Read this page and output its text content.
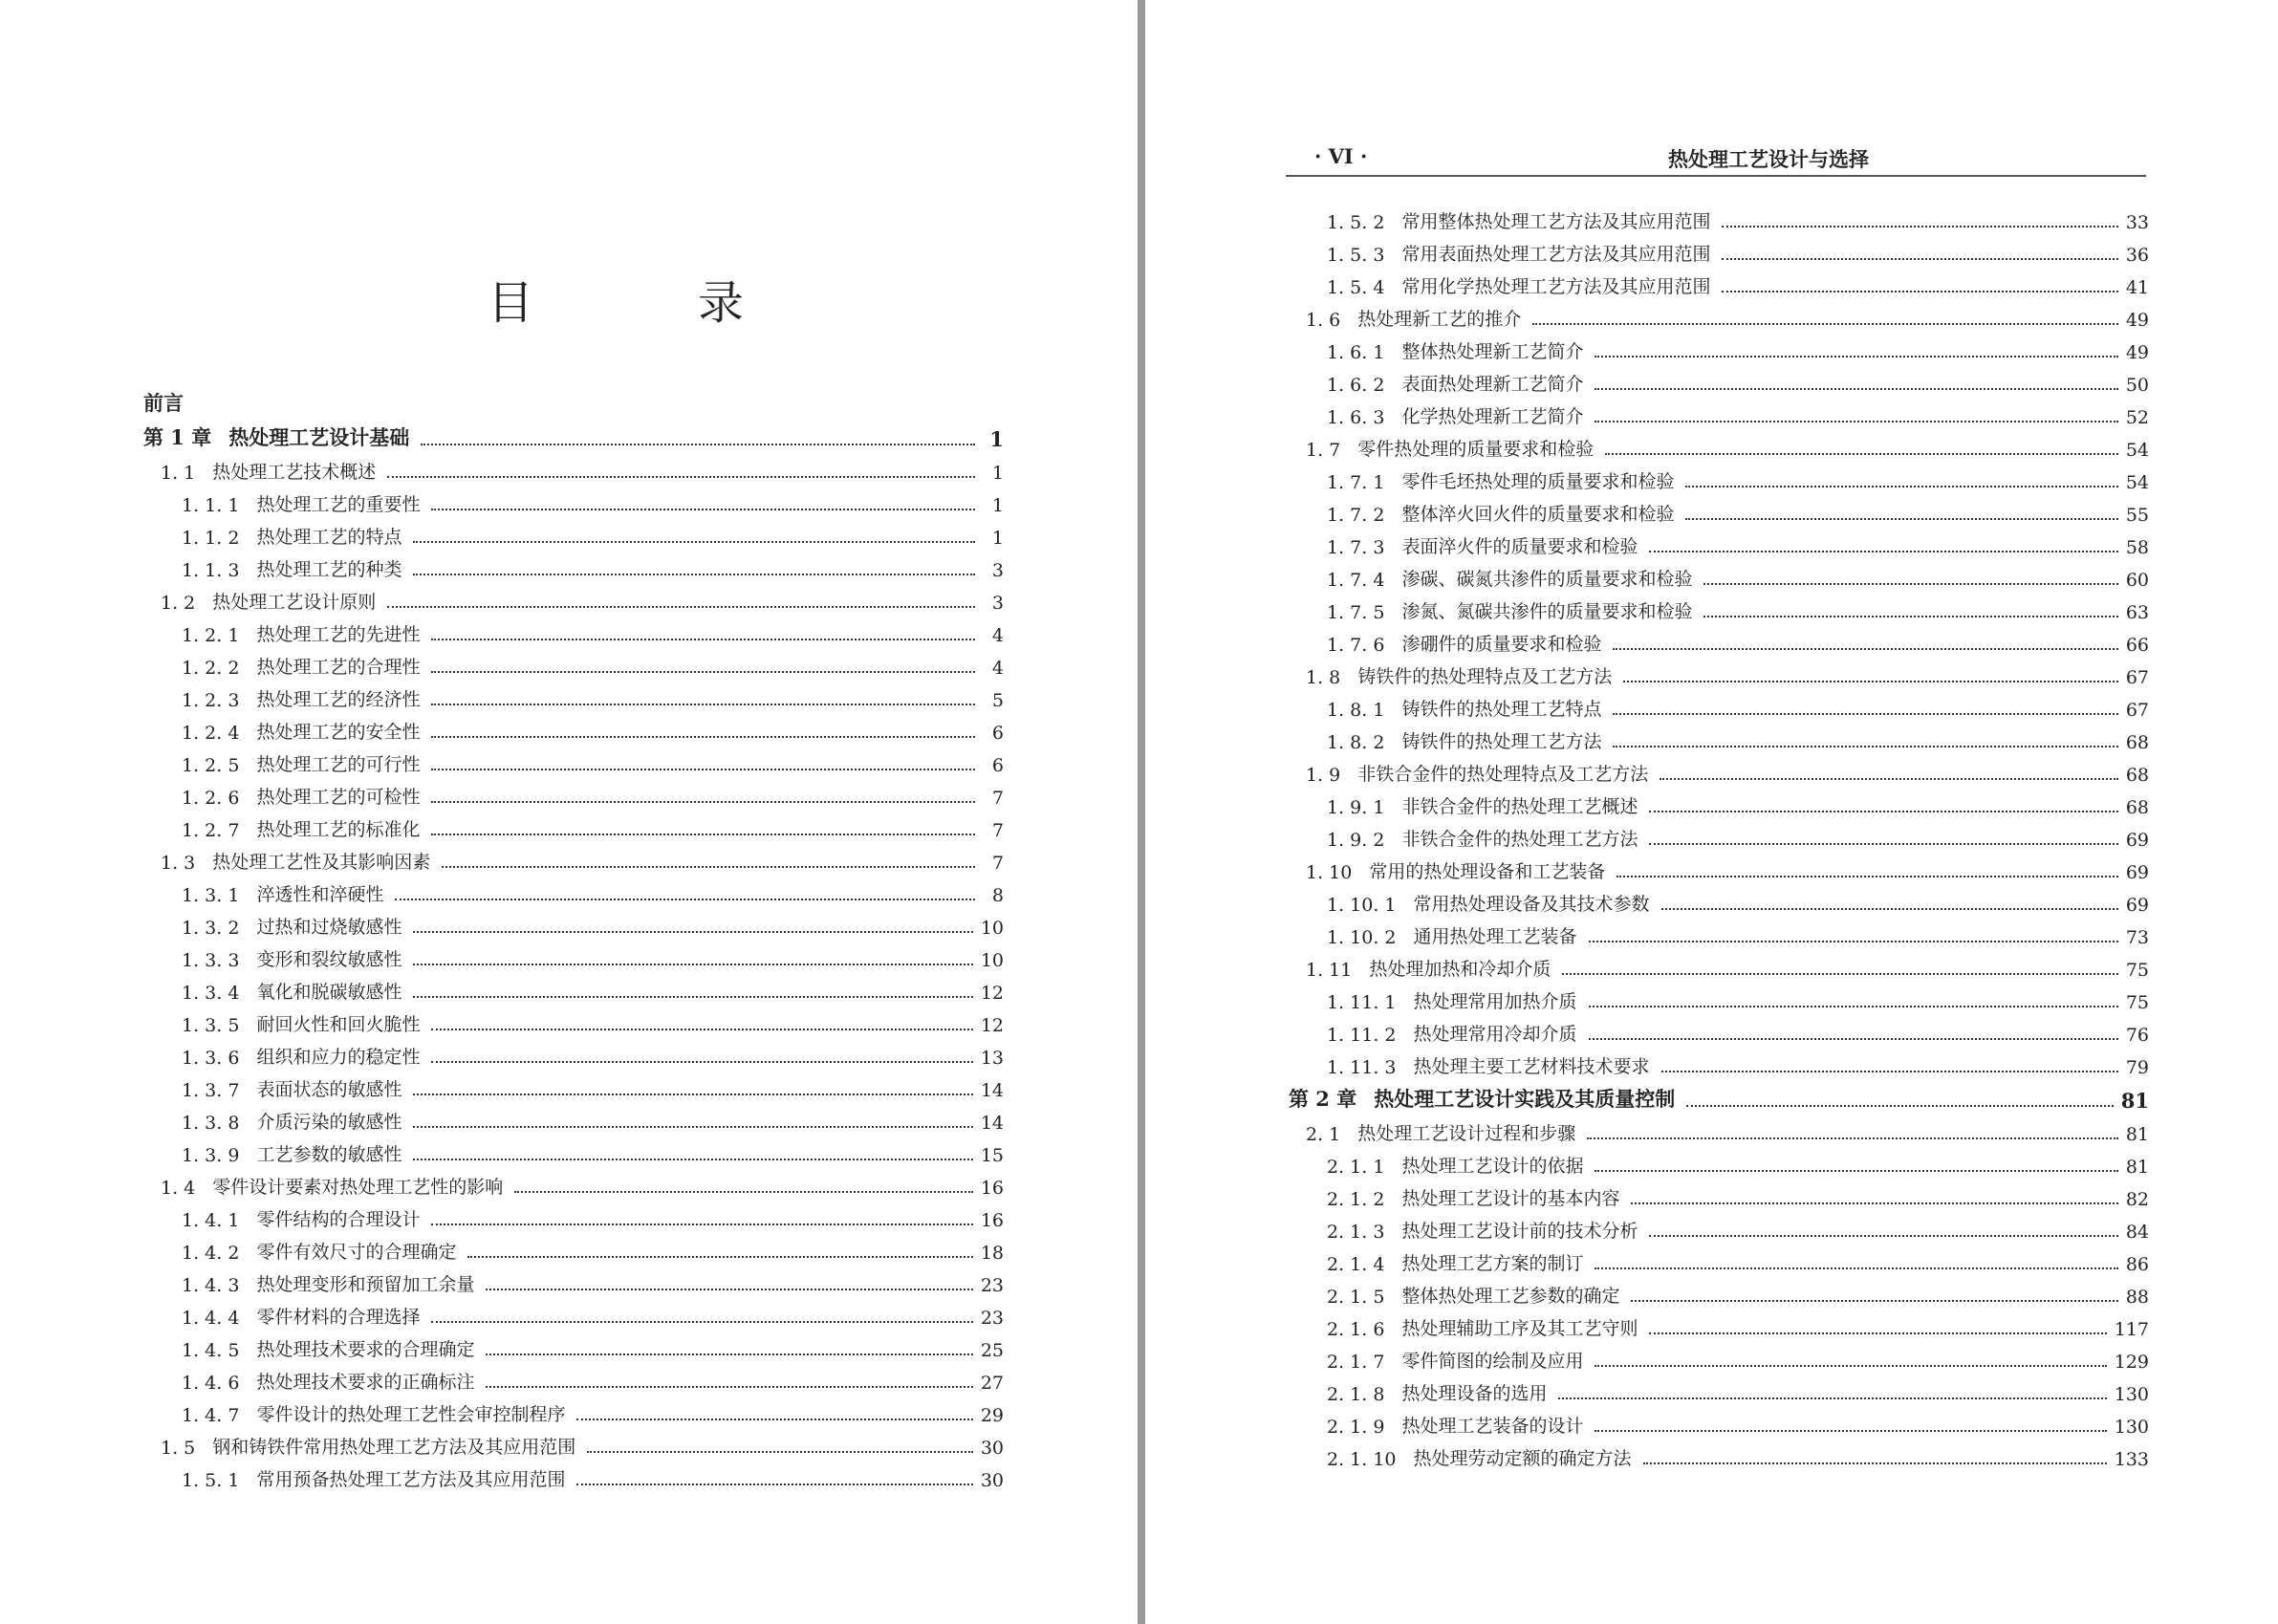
目　录
前言
第 1 章 热处理工艺设计基础	1
1. 1 热处理工艺技术概述	1
1. 1. 1 热处理工艺的重要性	1
1. 1. 2 热处理工艺的特点	1
1. 1. 3 热处理工艺的种类	3
1. 2 热处理工艺设计原则	3
1. 2. 1 热处理工艺的先进性	4
1. 2. 2 热处理工艺的合理性	4
1. 2. 3 热处理工艺的经济性	5
1. 2. 4 热处理工艺的安全性	6
1. 2. 5 热处理工艺的可行性	6
1. 2. 6 热处理工艺的可检性	7
1. 2. 7 热处理工艺的标准化	7
1. 3 热处理工艺性及其影响因素	7
1. 3. 1 淬透性和淬硬性	8
1. 3. 2 过热和过烧敏感性	10
1. 3. 3 变形和裂纹敏感性	10
1. 3. 4 氧化和脱碳敏感性	12
1. 3. 5 耐回火性和回火脆性	12
1. 3. 6 组织和应力的稳定性	13
1. 3. 7 表面状态的敏感性	14
1. 3. 8 介质污染的敏感性	14
1. 3. 9 工艺参数的敏感性	15
1. 4 零件设计要素对热处理工艺性的影响	16
1. 4. 1 零件结构的合理设计	16
1. 4. 2 零件有效尺寸的合理确定	18
1. 4. 3 热处理变形和预留加工余量	23
1. 4. 4 零件材料的合理选择	23
1. 4. 5 热处理技术要求的合理确定	25
1. 4. 6 热处理技术要求的正确标注	27
1. 4. 7 零件设计的热处理工艺性会审控制程序	29
1. 5 钢和铸铁件常用热处理工艺方法及其应用范围	30
1. 5. 1 常用预备热处理工艺方法及其应用范围	30
· VI ·	热处理工艺设计与选择
1. 5. 2 常用整体热处理工艺方法及其应用范围	33
1. 5. 3 常用表面热处理工艺方法及其应用范围	36
1. 5. 4 常用化学热处理工艺方法及其应用范围	41
1. 6 热处理新工艺的推介	49
1. 6. 1 整体热处理新工艺简介	49
1. 6. 2 表面热处理新工艺简介	50
1. 6. 3 化学热处理新工艺简介	52
1. 7 零件热处理的质量要求和检验	54
1. 7. 1 零件毛坯热处理的质量要求和检验	54
1. 7. 2 整体淬火回火件的质量要求和检验	55
1. 7. 3 表面淬火件的质量要求和检验	58
1. 7. 4 渗碳、碳氮共渗件的质量要求和检验	60
1. 7. 5 渗氮、氮碳共渗件的质量要求和检验	63
1. 7. 6 渗硼件的质量要求和检验	66
1. 8 铸铁件的热处理特点及工艺方法	67
1. 8. 1 铸铁件的热处理工艺特点	67
1. 8. 2 铸铁件的热处理工艺方法	68
1. 9 非铁合金件的热处理特点及工艺方法	68
1. 9. 1 非铁合金件的热处理工艺概述	68
1. 9. 2 非铁合金件的热处理工艺方法	69
1. 10 常用的热处理设备和工艺装备	69
1. 10. 1 常用热处理设备及其技术参数	69
1. 10. 2 通用热处理工艺装备	73
1. 11 热处理加热和冷却介质	75
1. 11. 1 热处理常用加热介质	75
1. 11. 2 热处理常用冷却介质	76
1. 11. 3 热处理主要工艺材料技术要求	79
第 2 章 热处理工艺设计实践及其质量控制	81
2. 1 热处理工艺设计过程和步骤	81
2. 1. 1 热处理工艺设计的依据	81
2. 1. 2 热处理工艺设计的基本内容	82
2. 1. 3 热处理工艺设计前的技术分析	84
2. 1. 4 热处理工艺方案的制订	86
2. 1. 5 整体热处理工艺参数的确定	88
2. 1. 6 热处理辅助工序及其工艺守则	117
2. 1. 7 零件简图的绘制及应用	129
2. 1. 8 热处理设备的选用	130
2. 1. 9 热处理工艺装备的设计	130
2. 1. 10 热处理劳动定额的确定方法	133
